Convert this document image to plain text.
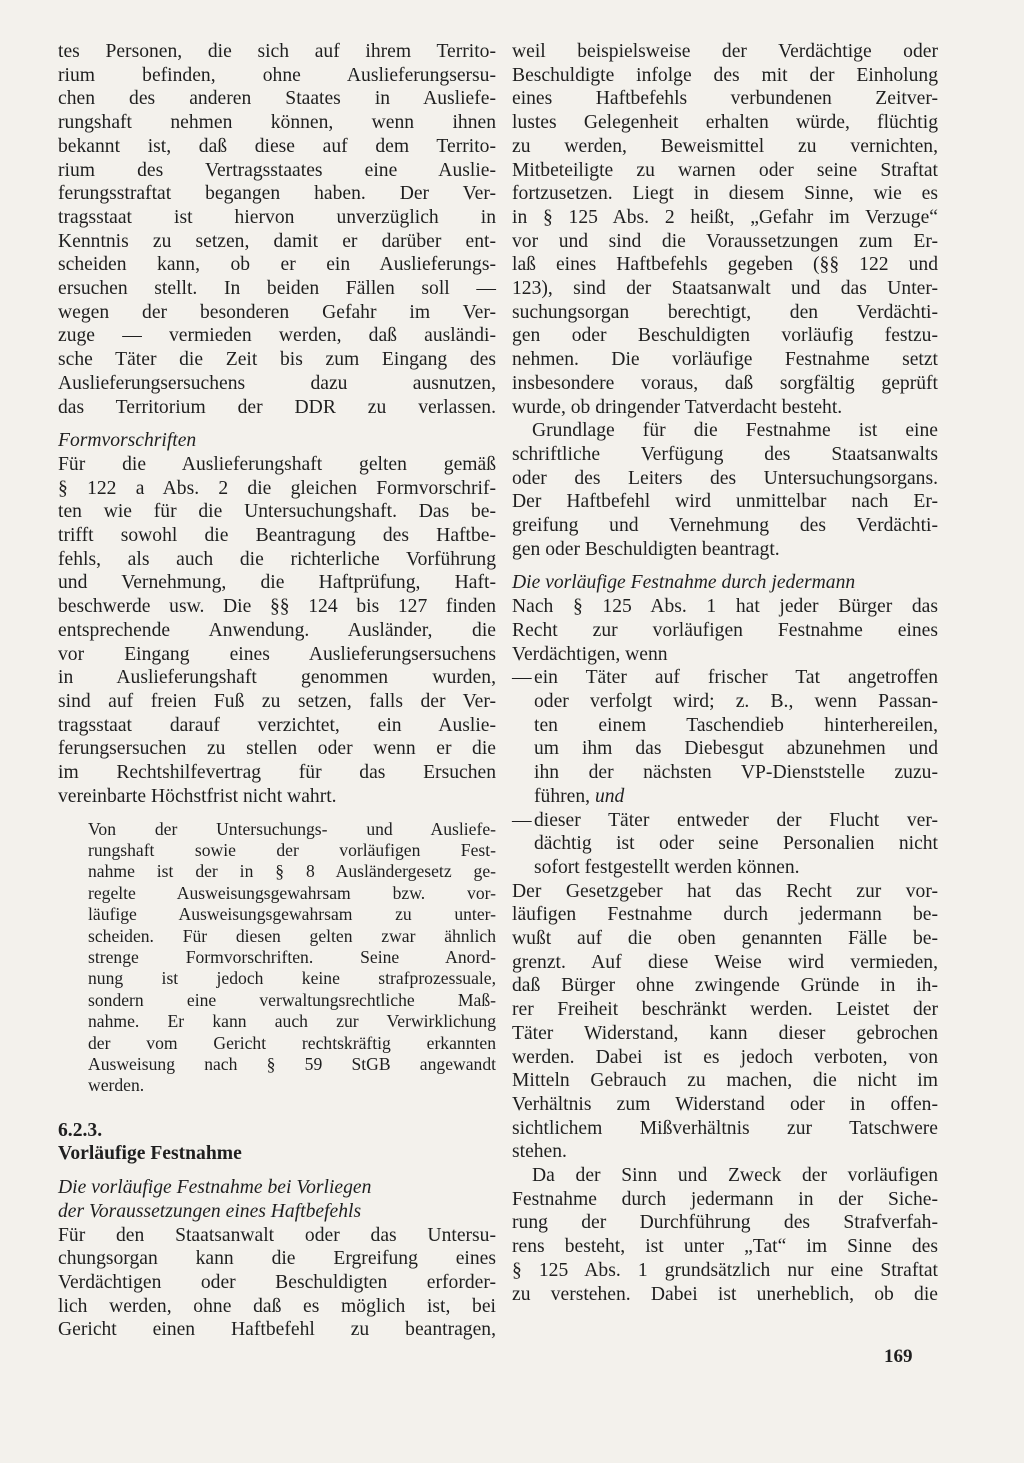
tes Personen, die sich auf ihrem Territo-
rium befinden, ohne Auslieferungsersu-
chen des anderen Staates in Ausliefe-
rungshaft nehmen können, wenn ihnen
bekannt ist, daß diese auf dem Territo-
rium des Vertragsstaates eine Auslie-
ferungsstraftat begangen haben. Der Ver-
tragsstaat ist hiervon unverzüglich in
Kenntnis zu setzen, damit er darüber ent-
scheiden kann, ob er ein Auslieferungs-
ersuchen stellt. In beiden Fällen soll —
wegen der besonderen Gefahr im Ver-
zuge — vermieden werden, daß ausländi-
sche Täter die Zeit bis zum Eingang des
Auslieferungsersuchens dazu ausnutzen,
das Territorium der DDR zu verlassen.
Formvorschriften
Für die Auslieferungshaft gelten gemäß
§ 122 a Abs. 2 die gleichen Formvorschrif-
ten wie für die Untersuchungshaft. Das be-
trifft sowohl die Beantragung des Haftbe-
fehls, als auch die richterliche Vorführung
und Vernehmung, die Haftprüfung, Haft-
beschwerde usw. Die §§ 124 bis 127 finden
entsprechende Anwendung. Ausländer, die
vor Eingang eines Auslieferungsersuchens
in Auslieferungshaft genommen wurden,
sind auf freien Fuß zu setzen, falls der Ver-
tragsstaat darauf verzichtet, ein Auslie-
ferungsersuchen zu stellen oder wenn er die
im Rechtshilfevertrag für das Ersuchen
vereinbarte Höchstfrist nicht wahrt.
Von der Untersuchungs- und Ausliefe-
rungshaft sowie der vorläufigen Fest-
nahme ist der in § 8 Ausländergesetz ge-
regelte Ausweisungsgewahrsam bzw. vor-
läufige Ausweisungsgewahrsam zu unter-
scheiden. Für diesen gelten zwar ähnlich
strenge Formvorschriften. Seine Anord-
nung ist jedoch keine strafprozessuale,
sondern eine verwaltungsrechtliche Maß-
nahme. Er kann auch zur Verwirklichung
der vom Gericht rechtskräftig erkannten
Ausweisung nach § 59 StGB angewandt
werden.
6.2.3.
Vorläufige Festnahme
Die vorläufige Festnahme bei Vorliegen
der Voraussetzungen eines Haftbefehls
Für den Staatsanwalt oder das Untersu-
chungsorgan kann die Ergreifung eines
Verdächtigen oder Beschuldigten erforder-
lich werden, ohne daß es möglich ist, bei
Gericht einen Haftbefehl zu beantragen,
weil beispielsweise der Verdächtige oder
Beschuldigte infolge des mit der Einholung
eines Haftbefehls verbundenen Zeitver-
lustes Gelegenheit erhalten würde, flüchtig
zu werden, Beweismittel zu vernichten,
Mitbeteiligte zu warnen oder seine Straftat
fortzusetzen. Liegt in diesem Sinne, wie es
in § 125 Abs. 2 heißt, „Gefahr im Verzuge“
vor und sind die Voraussetzungen zum Er-
laß eines Haftbefehls gegeben (§§ 122 und
123), sind der Staatsanwalt und das Unter-
suchungsorgan berechtigt, den Verdächti-
gen oder Beschuldigten vorläufig festzu-
nehmen. Die vorläufige Festnahme setzt
insbesondere voraus, daß sorgfältig geprüft
wurde, ob dringender Tatverdacht besteht.
Grundlage für die Festnahme ist eine
schriftliche Verfügung des Staatsanwalts
oder des Leiters des Untersuchungsorgans.
Der Haftbefehl wird unmittelbar nach Er-
greifung und Vernehmung des Verdächti-
gen oder Beschuldigten beantragt.
Die vorläufige Festnahme durch jedermann
Nach § 125 Abs. 1 hat jeder Bürger das
Recht zur vorläufigen Festnahme eines
Verdächtigen, wenn
— ein Täter auf frischer Tat angetroffen
oder verfolgt wird; z. B., wenn Passan-
ten einem Taschendieb hinterhereilen,
um ihm das Diebesgut abzunehmen und
ihn der nächsten VP-Dienststelle zuzu-
führen, und
— dieser Täter entweder der Flucht ver-
dächtig ist oder seine Personalien nicht
sofort festgestellt werden können.
Der Gesetzgeber hat das Recht zur vor-
läufigen Festnahme durch jedermann be-
wußt auf die oben genannten Fälle be-
grenzt. Auf diese Weise wird vermieden,
daß Bürger ohne zwingende Gründe in ih-
rer Freiheit beschränkt werden. Leistet der
Täter Widerstand, kann dieser gebrochen
werden. Dabei ist es jedoch verboten, von
Mitteln Gebrauch zu machen, die nicht im
Verhältnis zum Widerstand oder in offen-
sichtlichem Mißverhältnis zur Tatschwere
stehen.
Da der Sinn und Zweck der vorläufigen
Festnahme durch jedermann in der Siche-
rung der Durchführung des Strafverfah-
rens besteht, ist unter „Tat“ im Sinne des
§ 125 Abs. 1 grundsätzlich nur eine Straftat
zu verstehen. Dabei ist unerheblich, ob die
169
